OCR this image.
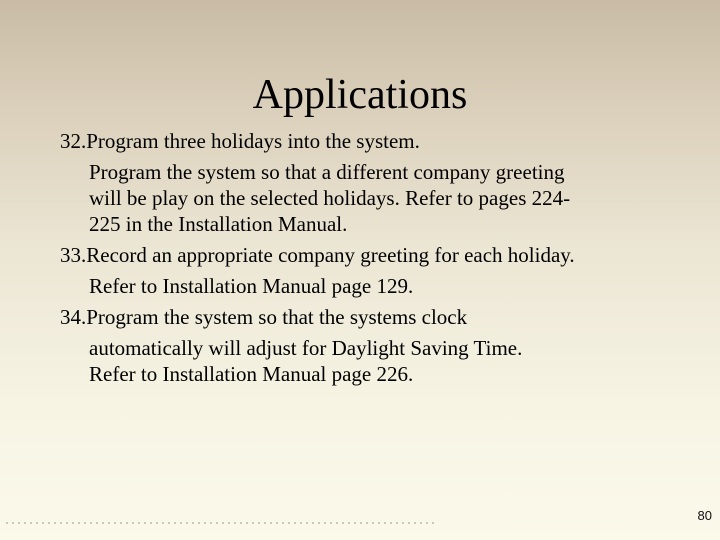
Applications
32.Program three holidays into the system.
Program the system so that a different company greeting
will be play on the selected holidays. Refer to pages 224-
225 in the Installation Manual.
33.Record an appropriate company greeting for each holiday.
Refer to Installation Manual page 129.
34.Program the system so that the systems clock
automatically will adjust for Daylight Saving Time.
Refer to Installation Manual page 226.
80
